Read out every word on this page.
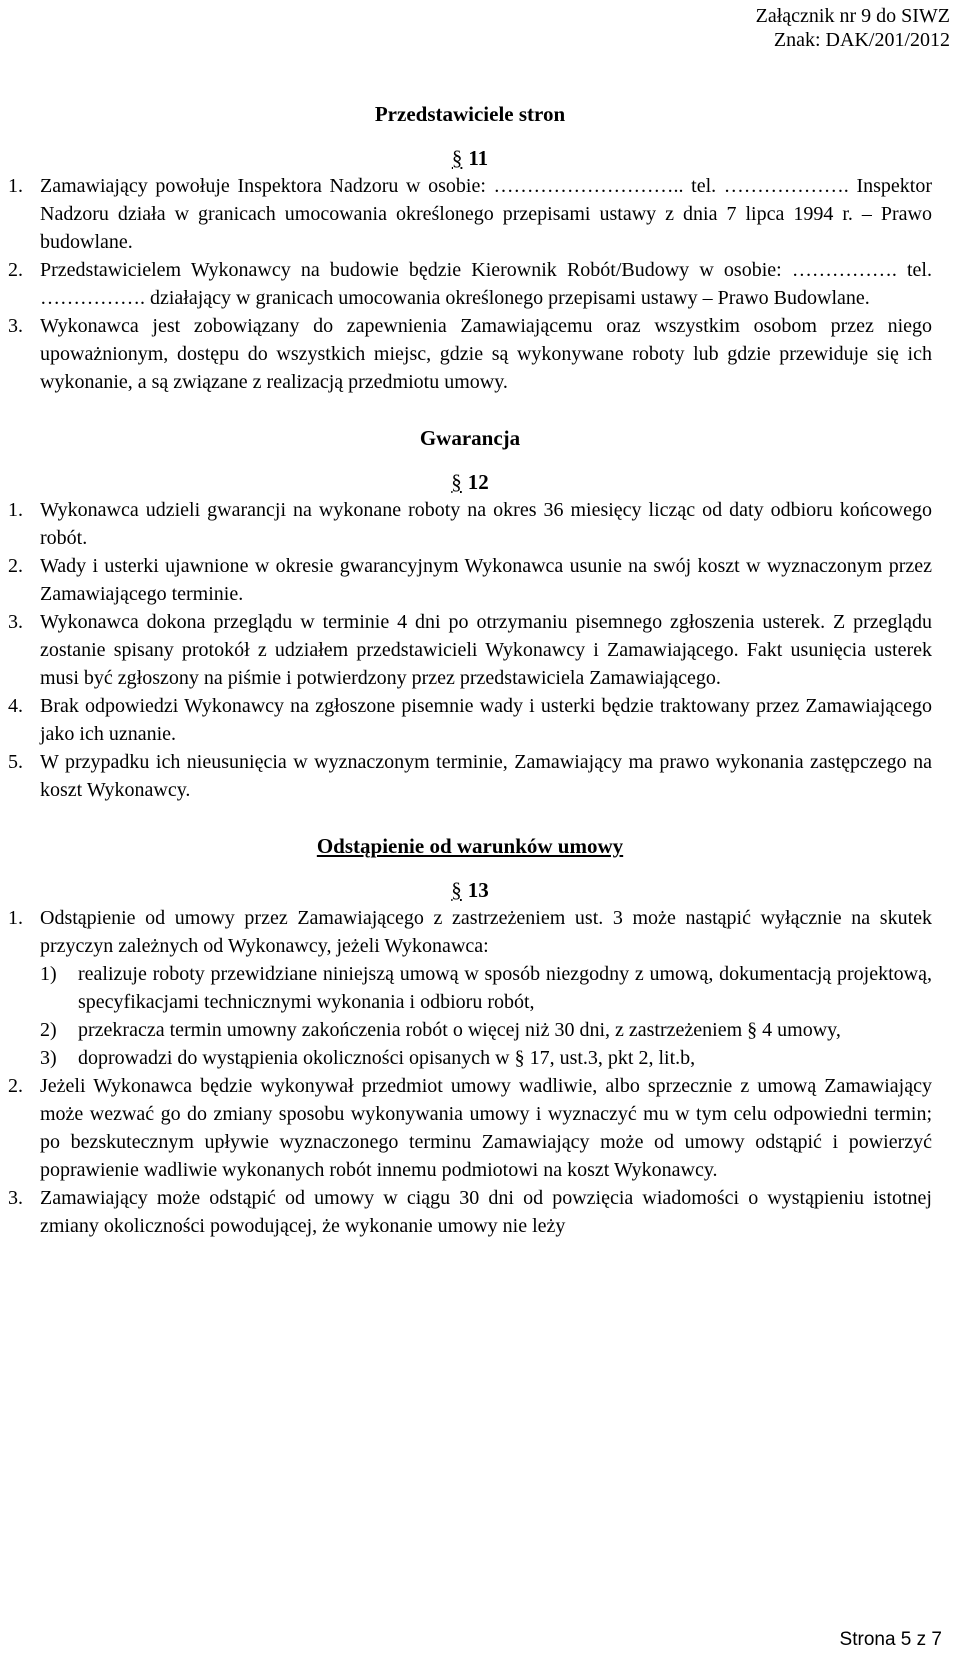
Załącznik nr 9 do SIWZ
Znak: DAK/201/2012
Przedstawiciele stron
§ 11
1. Zamawiający powołuje Inspektora Nadzoru w osobie: ……………………….. tel. ………………. Inspektor Nadzoru działa w granicach umocowania określonego przepisami ustawy z dnia 7 lipca 1994 r. – Prawo budowlane.
2. Przedstawicielem Wykonawcy na budowie będzie Kierownik Robót/Budowy w osobie: ……………. tel. ……………. działający w granicach umocowania określonego przepisami ustawy – Prawo Budowlane.
3. Wykonawca jest zobowiązany do zapewnienia Zamawiającemu oraz wszystkim osobom przez niego upoważnionym, dostępu do wszystkich miejsc, gdzie są wykonywane roboty lub gdzie przewiduje się ich wykonanie, a są związane z realizacją przedmiotu umowy.
Gwarancja
§ 12
1. Wykonawca udzieli gwarancji na wykonane roboty na okres 36 miesięcy licząc od daty odbioru końcowego robót.
2. Wady i usterki ujawnione w okresie gwarancyjnym Wykonawca usunie na swój koszt w wyznaczonym przez Zamawiającego terminie.
3. Wykonawca dokona przeglądu w terminie 4 dni po otrzymaniu pisemnego zgłoszenia usterek. Z przeglądu zostanie spisany protokół z udziałem przedstawicieli Wykonawcy i Zamawiającego. Fakt usunięcia usterek musi być zgłoszony na piśmie i potwierdzony przez przedstawiciela Zamawiającego.
4. Brak odpowiedzi Wykonawcy na zgłoszone pisemnie wady i usterki będzie traktowany przez Zamawiającego jako ich uznanie.
5. W przypadku ich nieusunięcia w wyznaczonym terminie, Zamawiający ma prawo wykonania zastępczego na koszt Wykonawcy.
Odstąpienie od warunków umowy
§ 13
1. Odstąpienie od umowy przez Zamawiającego z zastrzeżeniem ust. 3 może nastąpić wyłącznie na skutek przyczyn zależnych od Wykonawcy, jeżeli Wykonawca:
1) realizuje roboty przewidziane niniejszą umową w sposób niezgodny z umową, dokumentacją projektową, specyfikacjami technicznymi wykonania i odbioru robót,
2) przekracza termin umowny zakończenia robót o więcej niż 30 dni, z zastrzeżeniem § 4 umowy,
3) doprowadzi do wystąpienia okoliczności opisanych w § 17, ust.3, pkt 2, lit.b,
2. Jeżeli Wykonawca będzie wykonywał przedmiot umowy wadliwie, albo sprzecznie z umową Zamawiający może wezwać go do zmiany sposobu wykonywania umowy i wyznaczyć mu w tym celu odpowiedni termin; po bezskutecznym upływie wyznaczonego terminu Zamawiający może od umowy odstąpić i powierzyć poprawienie wadliwie wykonanych robót innemu podmiotowi na koszt Wykonawcy.
3. Zamawiający może odstąpić od umowy w ciągu 30 dni od powzięcia wiadomości o wystąpieniu istotnej zmiany okoliczności powodującej, że wykonanie umowy nie leży
Strona 5 z 7
